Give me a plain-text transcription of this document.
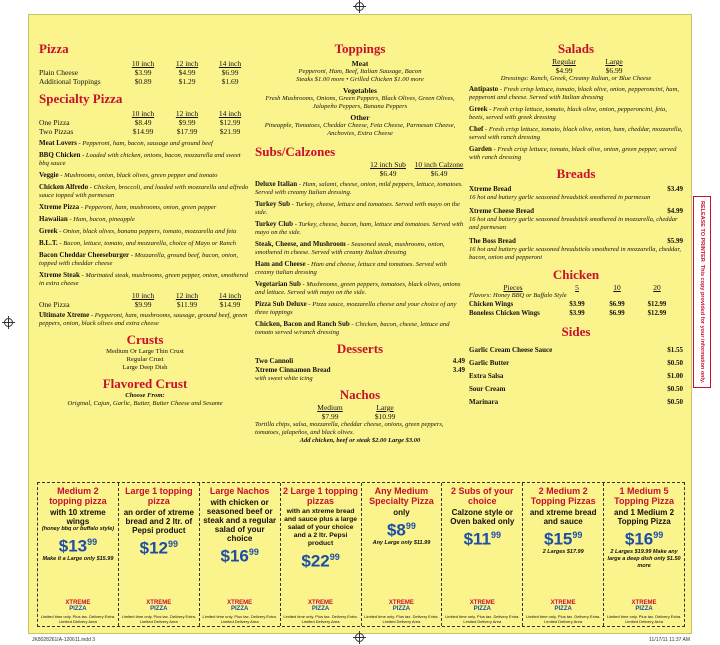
Pizza
10 inch	12 inch	14 inch
Plain Cheese	$3.99	$4.99	$6.99
Additional Toppings	$0.89	$1.29	$1.69
Specialty Pizza
10 inch	12 inch	14 inch
One Pizza	$8.49	$9.99	$12.99
Two Pizzas	$14.99	$17.99	$21.99

Meat Lovers - Pepperoni, ham, bacon, sausage and ground beef

BBQ Chicken - Loaded with chicken, onions, bacon, mozzarella and sweet bbq sauce

Veggie - Mushrooms, onion, black olives, green pepper and tomato

Chicken Alfredo - Chicken, broccoli, and loaded with mozzarella and alfredo sauce topped with parmesan

Xtreme Pizza - Pepperoni, ham, mushrooms, onion, green pepper

Hawaiian - Ham, bacon, pineapple

Greek - Onion, black olives, banana peppers, tomato, mozzarella and feta

B.L.T. - Bacon, lettuce, tomato, and mozzarella, choice of Mayo or Ranch

Bacon Cheddar Cheeseburger - Mozzarella, ground beef, bacon, onion, topped with cheddar cheese

Xtreme Steak - Marinated steak, mushrooms, green pepper, onion, smothered in extra cheese

10 inch	12 inch	14 inch
One Pizza	$9.99	$11.99	$14.99

Ultimate Xtreme - Pepperoni, ham, mushrooms, sausage, ground beef, green peppers, onion, black olives and extra cheese

Crusts
Medium Or Large Thin Crust
Regular Crust
Large Deep Dish
Flavored Crust
Choose From:
Original, Cajun, Garlic, Butter, Butter Cheese and Sesame
Toppings
Meat
Pepperoni, Ham, Beef, Italian Sausage, Bacon
Steaks $1.00 more • Grilled Chicken $1.00 more
Vegetables
Fresh Mushrooms, Onions, Green Peppers, Black Olives, Green Olives, Jalapeño Peppers, Banana Peppers
Other
Pineapple, Tomatoes, Cheddar Cheese, Feta Cheese, Parmesan Cheese, Anchovies, Extra Cheese
Subs/Calzones
12 inch Sub	10 inch Calzone
$6.49	$6.49

Deluxe Italian - Ham, salami, cheese, onion, mild peppers, lettuce, tomatoes. Served with creamy Italian dressing.

Turkey Sub - Turkey, cheese, lettuce and tomatoes. Served with mayo on the side.

Turkey Club - Turkey, cheese, bacon, ham, lettuce and tomatoes. Served with mayo on the side.

Steak, Cheese, and Mushroom - Seasoned steak, mushrooms, onion, smothered in cheese. Served with creamy Italian dressing

Ham and Cheese - Ham and cheese, lettuce and tomatoes. Served with creamy italian dressing

Vegetarian Sub - Mushrooms, green peppers, tomatoes, black olives, onions and lettuce. Served with mayo on the side.

Pizza Sub Deluxe - Pizza sauce, mozzarella cheese and your choice of any three toppings

Chicken, Bacon and Ranch Sub - Chicken, bacon, cheese, lettuce and tomato served w/ranch dressing

Desserts
Two Cannoli	4.49
Xtreme Cinnamon Bread	3.49
with sweet white icing
Nachos
Medium	Large
$7.99	$10.99
Tortilla chips, salsa, mozzarella, cheddar cheese, onions, green peppers, tomatoes, jalapeños, and black olives.
Add chicken, beef or steak $2.00 Large $3.00
Salads
Regular	Large
$4.99	$6.99
Dressings: Ranch, Greek, Creamy Italian, or Blue Cheese

Antipasto - Fresh crisp lettuce, tomato, black olive, onion, pepperoncini, ham, pepperoni and cheese. Served with Italian dressing

Greek - Fresh crisp lettuce, tomato, black olive, onion, pepperoncini, feta, beets, served with greek dressing

Chef - Fresh crisp lettuce, tomato, black olive, onion, ham, cheddar, mozzarella, served with ranch dressing

Garden - Fresh crisp lettuce, tomato, black olive, onion, green pepper, served with ranch dressing

Breads
Xtreme Bread	$3.49
16 hot and buttery garlic seasoned breadstick smothered in parmesan
Xtreme Cheese Bread	$4.99
16 hot and buttery garlic seasoned breadstick smothered in mozzarella, cheddar and parmesan
The Boss Bread	$5.99
16 hot and buttery garlic seasoned breadsticks smothered in mozzarella, cheddar, bacon, onion and pepperoni
Chicken
Pieces	5	10	20
Flavors: Honey BBQ or Buffalo Style
Chicken Wings	$3.99	$6.99	$12.99
Boneless Chicken Wings	$3.99	$6.99	$12.99
Sides
Garlic Cream Cheese Sauce	$1.55
Garlic Butter	$0.50
Extra Salsa	$1.00
Sour Cream	$0.50
Marinara	$0.50
Medium 2 topping pizza
with 10 xtreme wings
(honey bbq or buffalo style)
$\$13^{99}$
Make it a Large only $15.99
XTREME
PIZZA
Limited time only. Plus tax. Delivery Extra. Limited Delivery Area
Large 1 topping pizza
an order of xtreme bread and 2 ltr. of Pepsi product
$\$12^{99}$
XTREME
PIZZA
Limited time only. Plus tax. Delivery Extra. Limited Delivery Area
Large Nachos
with chicken or seasoned beef or steak and a regular salad of your choice
$\$16^{99}$
XTREME
PIZZA
Limited time only. Plus tax. Delivery Extra. Limited Delivery Area
2 Large 1 topping pizzas
with an xtreme bread and sauce plus a large salad of your choice and a 2 ltr. Pepsi product
$\$22^{99}$
XTREME
PIZZA
Limited time only. Plus tax. Delivery Extra. Limited Delivery Area
Any Medium Specialty Pizza
only
$\$8^{99}$
Any Large only $11.99
XTREME
PIZZA
Limited time only. Plus tax. Delivery Extra. Limited Delivery Area
2 Subs of your choice
Calzone style or Oven baked only
$\$11^{99}$
XTREME
PIZZA
Limited time only. Plus tax. Delivery Extra. Limited Delivery Area
2 Medium 2 Topping Pizzas
and xtreme bread and sauce
$\$15^{99}$
2 Larges $17.99
XTREME
PIZZA
Limited time only. Plus tax. Delivery Extra. Limited Delivery Area
1 Medium 5 Topping Pizza
and 1 Medium 2 Topping Pizza
$\$16^{99}$
2 Larges $19.99 Make any large a deep dish only $1.50 more
XTREME
PIZZA
Limited time only. Plus tax. Delivery Extra. Limited Delivery Area
RELEASE TO PRINTER  This copy provided for your information only.
JK8028261IA-120611.indd 3	11/17/11 11:37 AM
